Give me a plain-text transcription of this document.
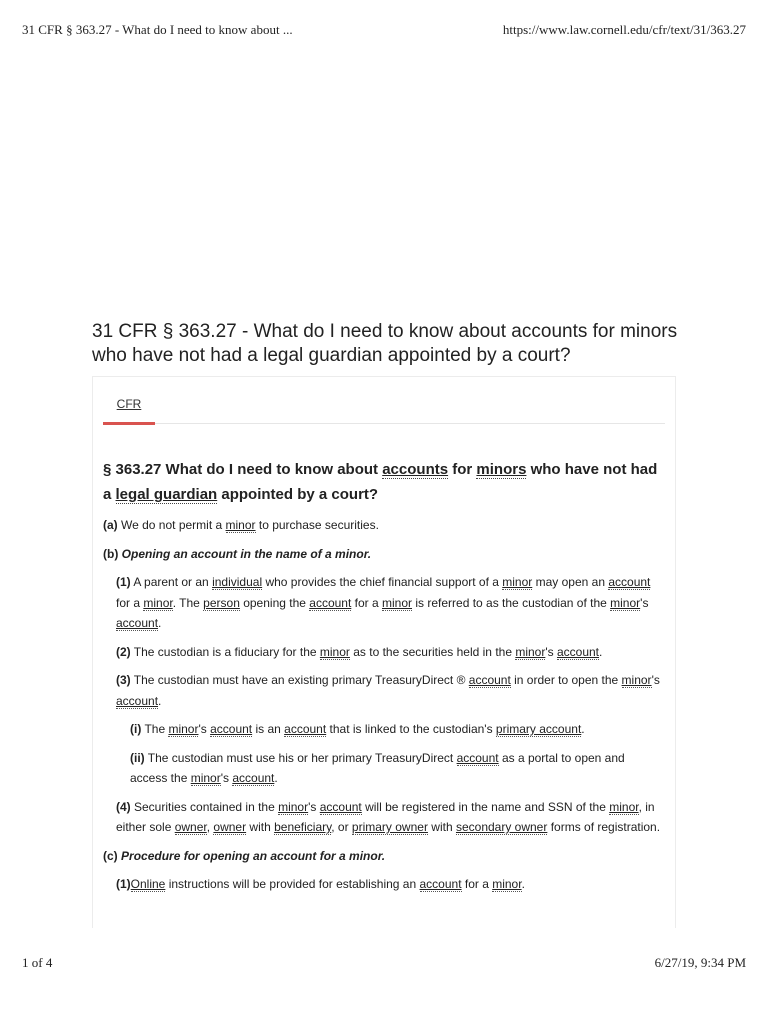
31 CFR § 363.27 - What do I need to know about ...	https://www.law.cornell.edu/cfr/text/31/363.27
31 CFR § 363.27 - What do I need to know about accounts for minors who have not had a legal guardian appointed by a court?
CFR
§ 363.27 What do I need to know about accounts for minors who have not had a legal guardian appointed by a court?
(a) We do not permit a minor to purchase securities.
(b) Opening an account in the name of a minor.
(1) A parent or an individual who provides the chief financial support of a minor may open an account for a minor. The person opening the account for a minor is referred to as the custodian of the minor's account.
(2) The custodian is a fiduciary for the minor as to the securities held in the minor's account.
(3) The custodian must have an existing primary TreasuryDirect ® account in order to open the minor's account.
(i) The minor's account is an account that is linked to the custodian's primary account.
(ii) The custodian must use his or her primary TreasuryDirect account as a portal to open and access the minor's account.
(4) Securities contained in the minor's account will be registered in the name and SSN of the minor, in either sole owner, owner with beneficiary, or primary owner with secondary owner forms of registration.
(c) Procedure for opening an account for a minor.
(1)Online instructions will be provided for establishing an account for a minor.
1 of 4	6/27/19, 9:34 PM
